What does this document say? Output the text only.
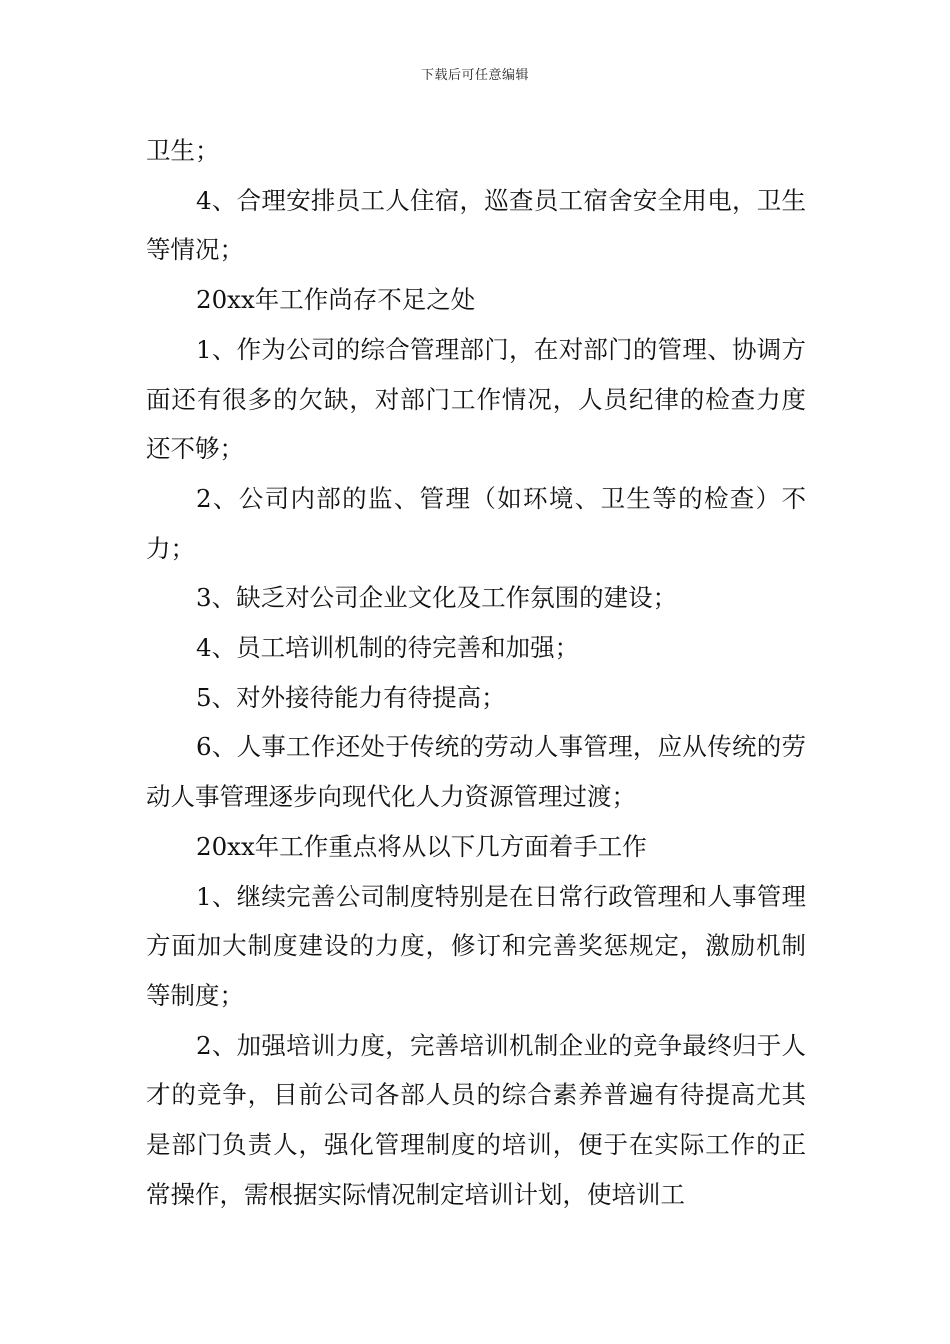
下载后可任意编辑

卫生；

4、合理安排员工人住宿，巡查员工宿舍安全用电，卫生等情况；

20xx年工作尚存不足之处

1、作为公司的综合管理部门，在对部门的管理、协调方面还有很多的欠缺，对部门工作情况，人员纪律的检查力度还不够；

2、公司内部的监、管理（如环境、卫生等的检查）不力；

3、缺乏对公司企业文化及工作氛围的建设；

4、员工培训机制的待完善和加强；

5、对外接待能力有待提高；

6、人事工作还处于传统的劳动人事管理，应从传统的劳动人事管理逐步向现代化人力资源管理过渡；

20xx年工作重点将从以下几方面着手工作

1、继续完善公司制度特别是在日常行政管理和人事管理方面加大制度建设的力度，修订和完善奖惩规定，激励机制等制度；

2、加强培训力度，完善培训机制企业的竞争最终归于人才的竞争，目前公司各部人员的综合素养普遍有待提高尤其是部门负责人，强化管理制度的培训，便于在实际工作的正常操作，需根据实际情况制定培训计划，使培训工
